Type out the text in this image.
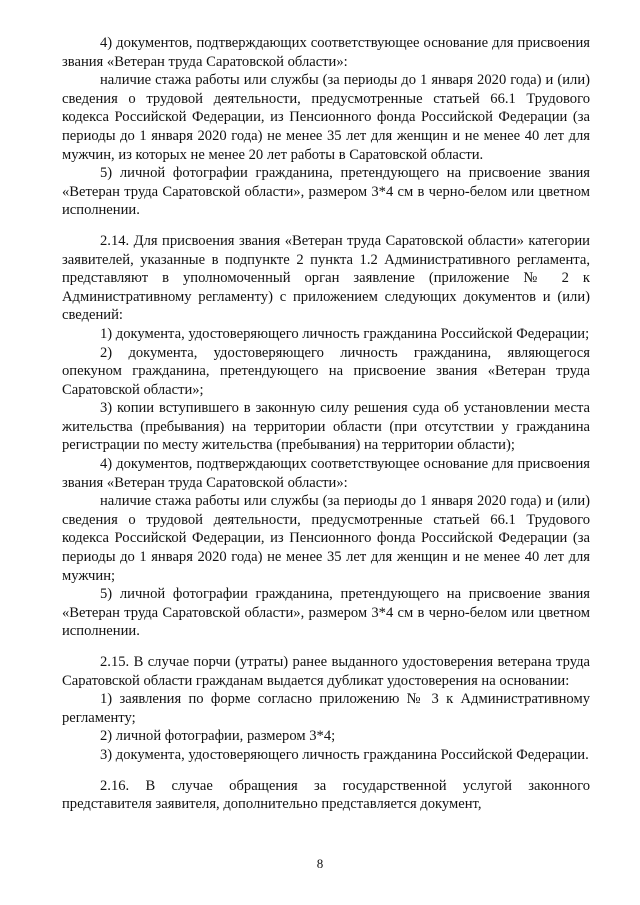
4) документов, подтверждающих соответствующее основание для присвоения звания «Ветеран труда Саратовской области»:

наличие стажа работы или службы (за периоды до 1 января 2020 года) и (или) сведения о трудовой деятельности, предусмотренные статьей 66.1 Трудового кодекса Российской Федерации, из Пенсионного фонда Российской Федерации (за периоды до 1 января 2020 года) не менее 35 лет для женщин и не менее 40 лет для мужчин, из которых не менее 20 лет работы в Саратовской области.

5) личной фотографии гражданина, претендующего на присвоение звания «Ветеран труда Саратовской области», размером 3*4 см в черно-белом или цветном исполнении.

2.14. Для присвоения звания «Ветеран труда Саратовской области» категории заявителей, указанные в подпункте 2 пункта 1.2 Административного регламента, представляют в уполномоченный орган заявление (приложение № 2 к Административному регламенту) с приложением следующих документов и (или) сведений:

1) документа, удостоверяющего личность гражданина Российской Федерации;

2) документа, удостоверяющего личность гражданина, являющегося опекуном гражданина, претендующего на присвоение звания «Ветеран труда Саратовской области»;

3) копии вступившего в законную силу решения суда об установлении места жительства (пребывания) на территории области (при отсутствии у гражданина регистрации по месту жительства (пребывания) на территории области);

4) документов, подтверждающих соответствующее основание для присвоения звания «Ветеран труда Саратовской области»:

наличие стажа работы или службы (за периоды до 1 января 2020 года) и (или) сведения о трудовой деятельности, предусмотренные статьей 66.1 Трудового кодекса Российской Федерации, из Пенсионного фонда Российской Федерации (за периоды до 1 января 2020 года) не менее 35 лет для женщин и не менее 40 лет для мужчин;

5) личной фотографии гражданина, претендующего на присвоение звания «Ветеран труда Саратовской области», размером 3*4 см в черно-белом или цветном исполнении.

2.15. В случае порчи (утраты) ранее выданного удостоверения ветерана труда Саратовской области гражданам выдается дубликат удостоверения на основании:

1) заявления по форме согласно приложению № 3 к Административному регламенту;

2) личной фотографии, размером 3*4;

3) документа, удостоверяющего личность гражданина Российской Федерации.

2.16. В случае обращения за государственной услугой законного представителя заявителя, дополнительно представляется документ,

8
